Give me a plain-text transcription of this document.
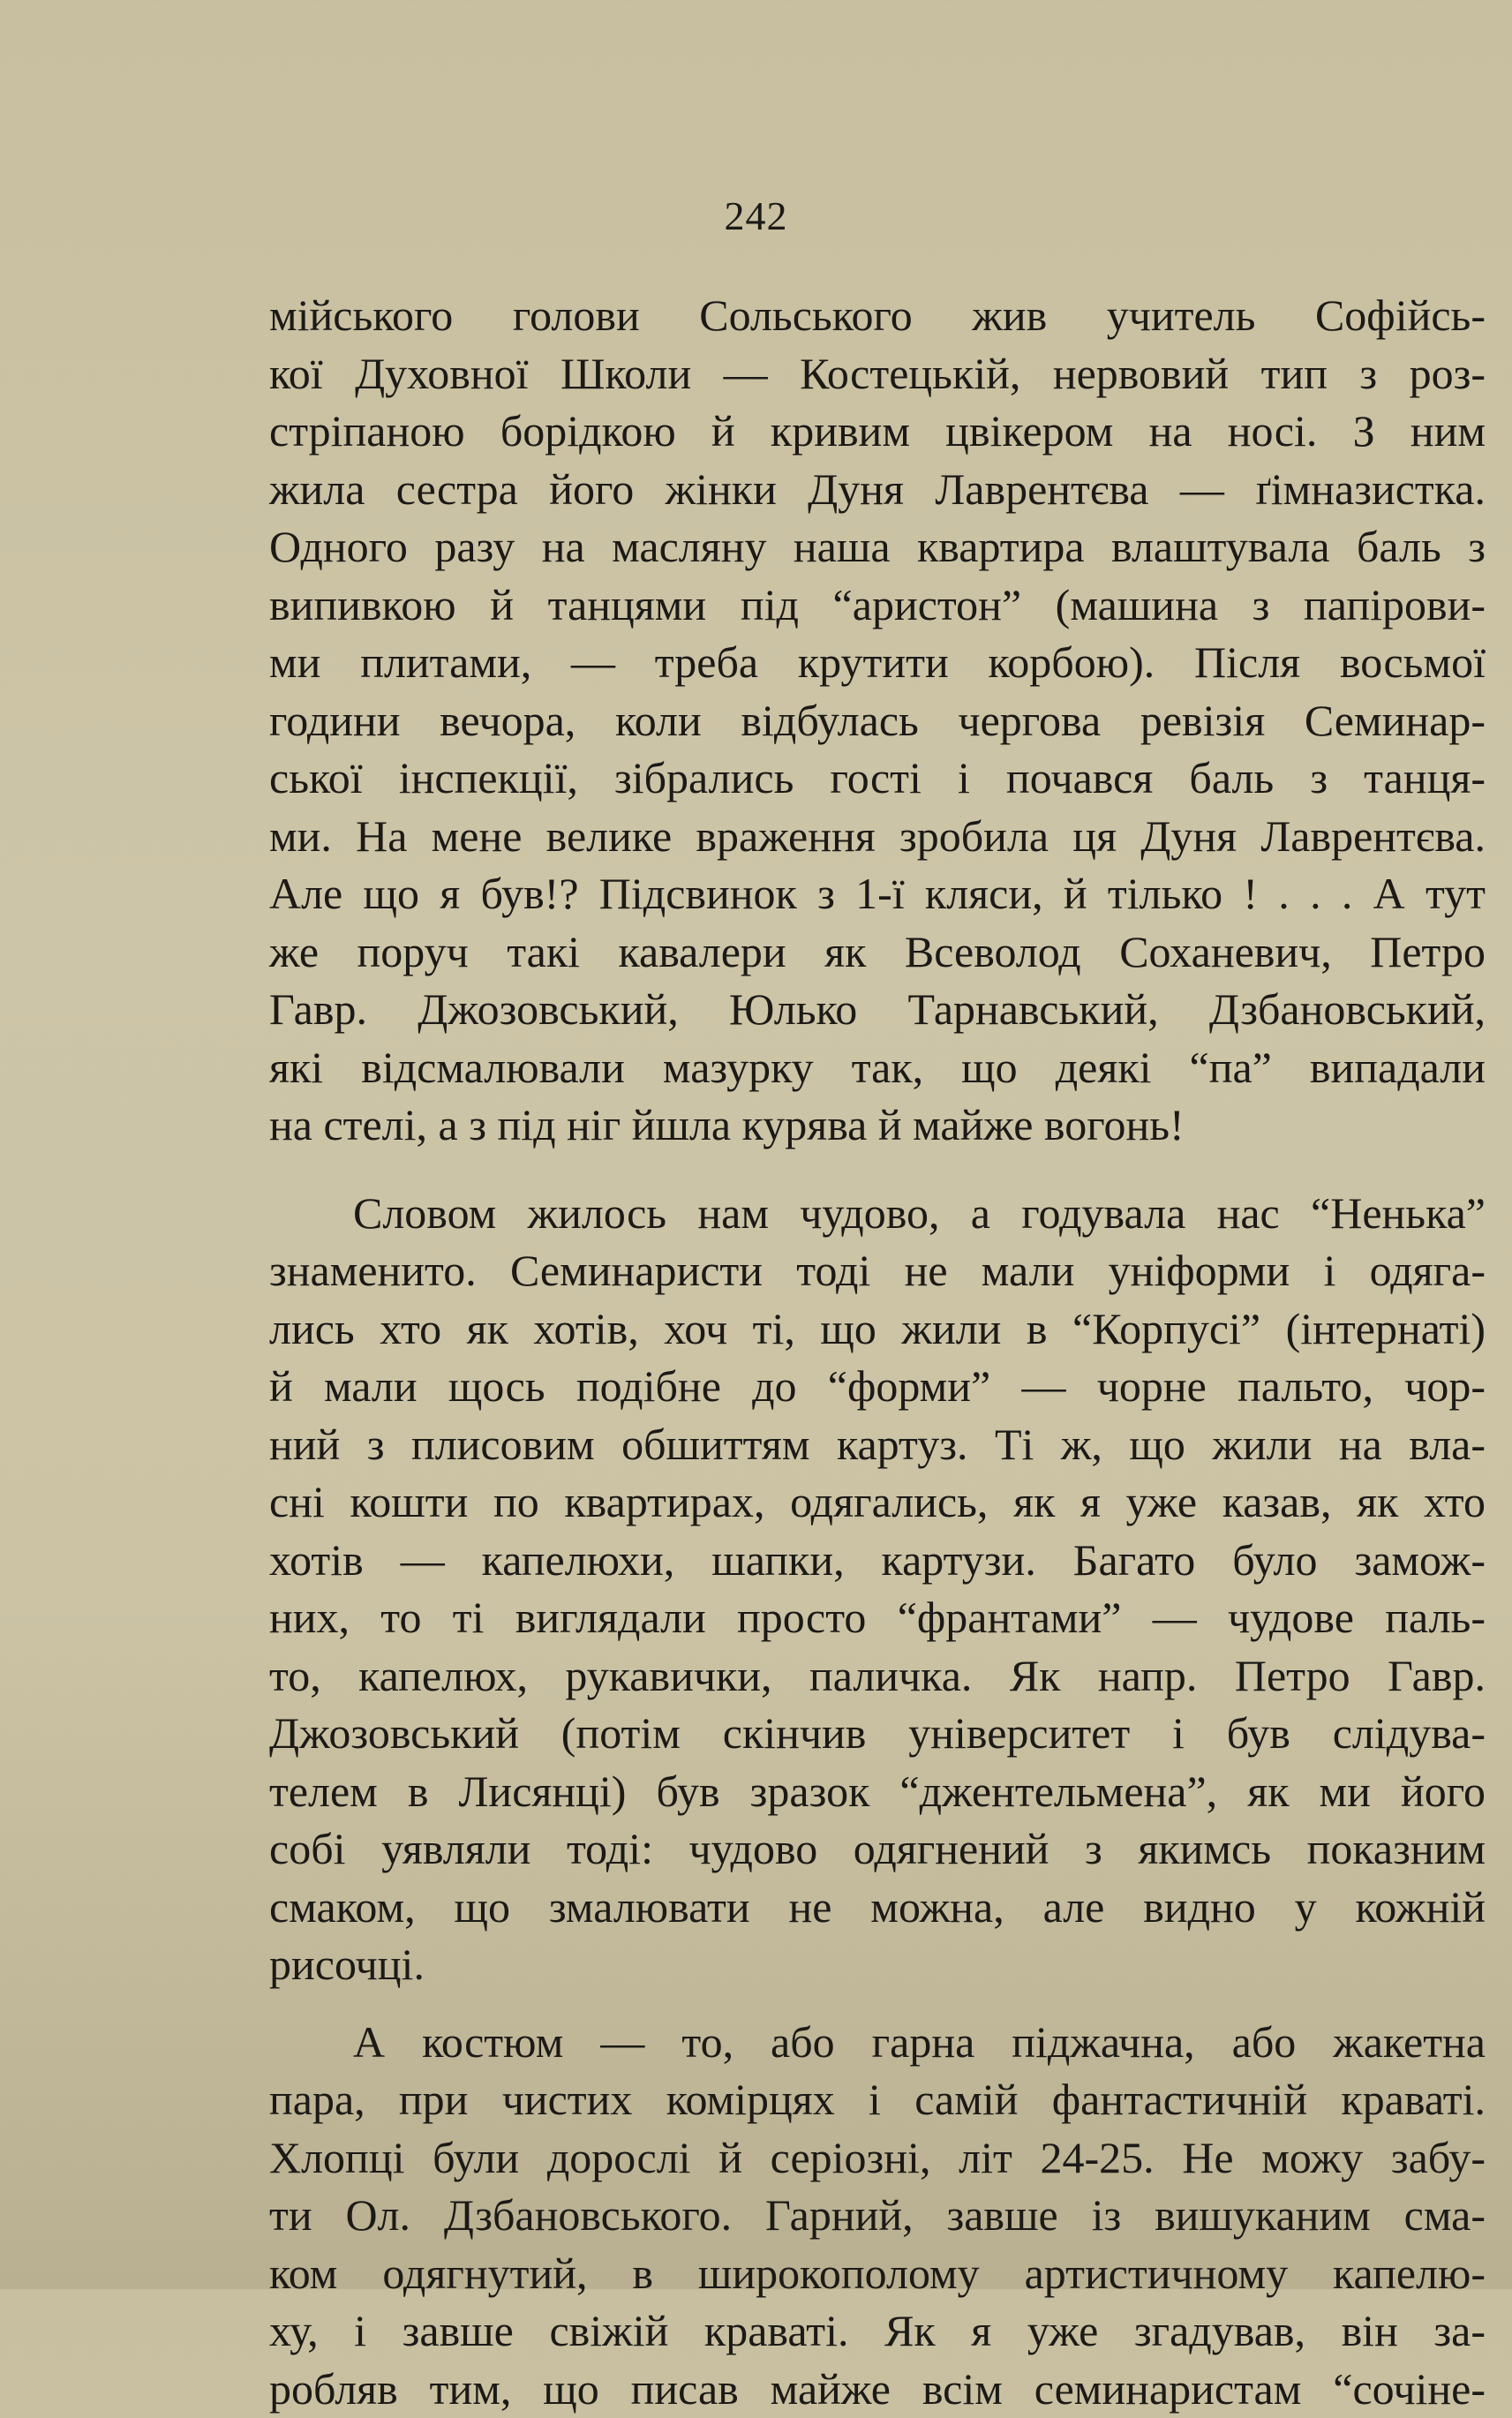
242
мійського голови Сольського жив учитель Софійсь-
кої Духовної Школи — Костецькій, нервовий тип з роз-
стріпаною борідкою й кривим цвікером на носі. З ним
жила сестра його жінки Дуня Лаврентєва — ґімназистка.
Одного разу на масляну наша квартира влаштувала баль з
випивкою й танцями під “аристон” (машина з папірови-
ми плитами, — треба крутити корбою). Після восьмої
години вечора, коли відбулась чергова ревізія Семинар-
ської інспекції, зібрались гості і почався баль з танця-
ми. На мене велике враження зробила ця Дуня Лаврентєва.
Але що я був!? Підсвинок з 1-ї кляси, й тілько ! . . . А тут
же поруч такі кавалери як Всеволод Соханевич, Петро
Гавр. Джозовський, Юлько Тарнавський, Дзбановський,
які відсмалювали мазурку так, що деякі “па” випадали
на стелі, а з під ніг йшла курява й майже вогонь!
Словом жилось нам чудово, а годувала нас “Ненька”
знаменито. Семинаристи тоді не мали уніформи і одяга-
лись хто як хотів, хоч ті, що жили в “Корпусі” (інтернаті)
й мали щось подібне до “форми” — чорне пальто, чор-
ний з плисовим обшиттям картуз. Ті ж, що жили на вла-
сні кошти по квартирах, одягались, як я уже казав, як хто
хотів — капелюхи, шапки, картузи. Багато було замож-
них, то ті виглядали просто “франтами” — чудове паль-
то, капелюх, рукавички, паличка. Як напр. Петро Гавр.
Джозовський (потім скінчив університет і був слідува-
телем в Лисянці) був зразок “джентельмена”, як ми його
собі уявляли тоді: чудово одягнений з якимсь показним
смаком, що змалювати не можна, але видно у кожній
рисочці.
А костюм — то, або гарна піджачна, або жакетна
пара, при чистих комірцях і самій фантастичній краваті.
Хлопці були дорослі й серіозні, літ 24-25. Не можу забу-
ти Ол. Дзбановського. Гарний, завше із вишуканим сма-
ком одягнутий, в широкополому артистичному капелю-
ху, і завше свіжій краваті. Як я уже згадував, він за-
робляв тим, що писав майже всім семинаристам “сочіне-
